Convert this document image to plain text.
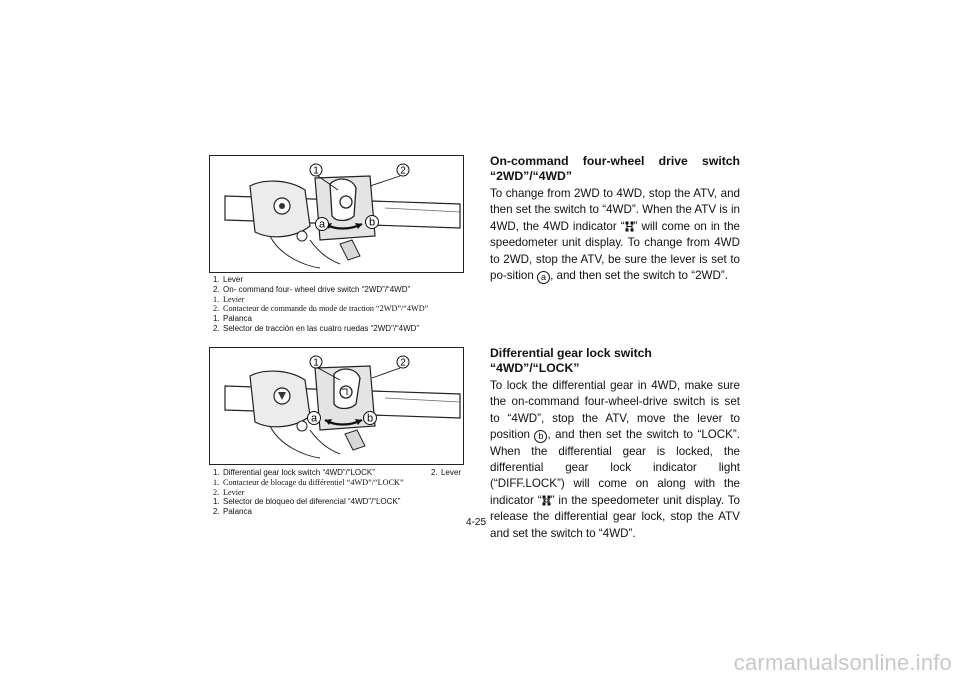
1	2
a	b
1. Lever
2. On- command four- wheel drive switch “2WD”/“4WD”
1. Levier
2. Contacteur de commande du mode de traction “2WD”/“4WD”
1. Palanca
2. Selector de tracción en las cuatro ruedas “2WD”/“4WD”
1	2
a	b
1. Differential gear lock switch “4WD”/“LOCK”	2. Lever
1. Contacteur de blocage du différentiel “4WD”/“LOCK”
2. Levier
1. Selector de bloqueo del diferencial “4WD”/“LOCK”
2. Palanca
On-command four-wheel drive switch
“2WD”/“4WD”

To change from 2WD to 4WD, stop the ATV, and then set the switch to “4WD”. When the ATV is in 4WD, the 4WD indicator “ ” will come on in the speedometer unit display. To change from 4WD to 2WD, stop the ATV, be sure the lever is set to po-sition a , and then set the switch to “2WD”.

Differential gear lock switch “4WD”/“LOCK”

To lock the differential gear in 4WD, make sure the on-command four-wheel-drive switch is set to “4WD”, stop the ATV, move the lever to position b , and then set the switch to “LOCK”. When the differential gear is locked, the differential gear lock indicator light (“DIFF.LOCK”) will come on along with the indicator “ ” in the speedometer unit display. To release the differential gear lock, stop the ATV and set the switch to “4WD”.

4-25
carmanualsonline.info
